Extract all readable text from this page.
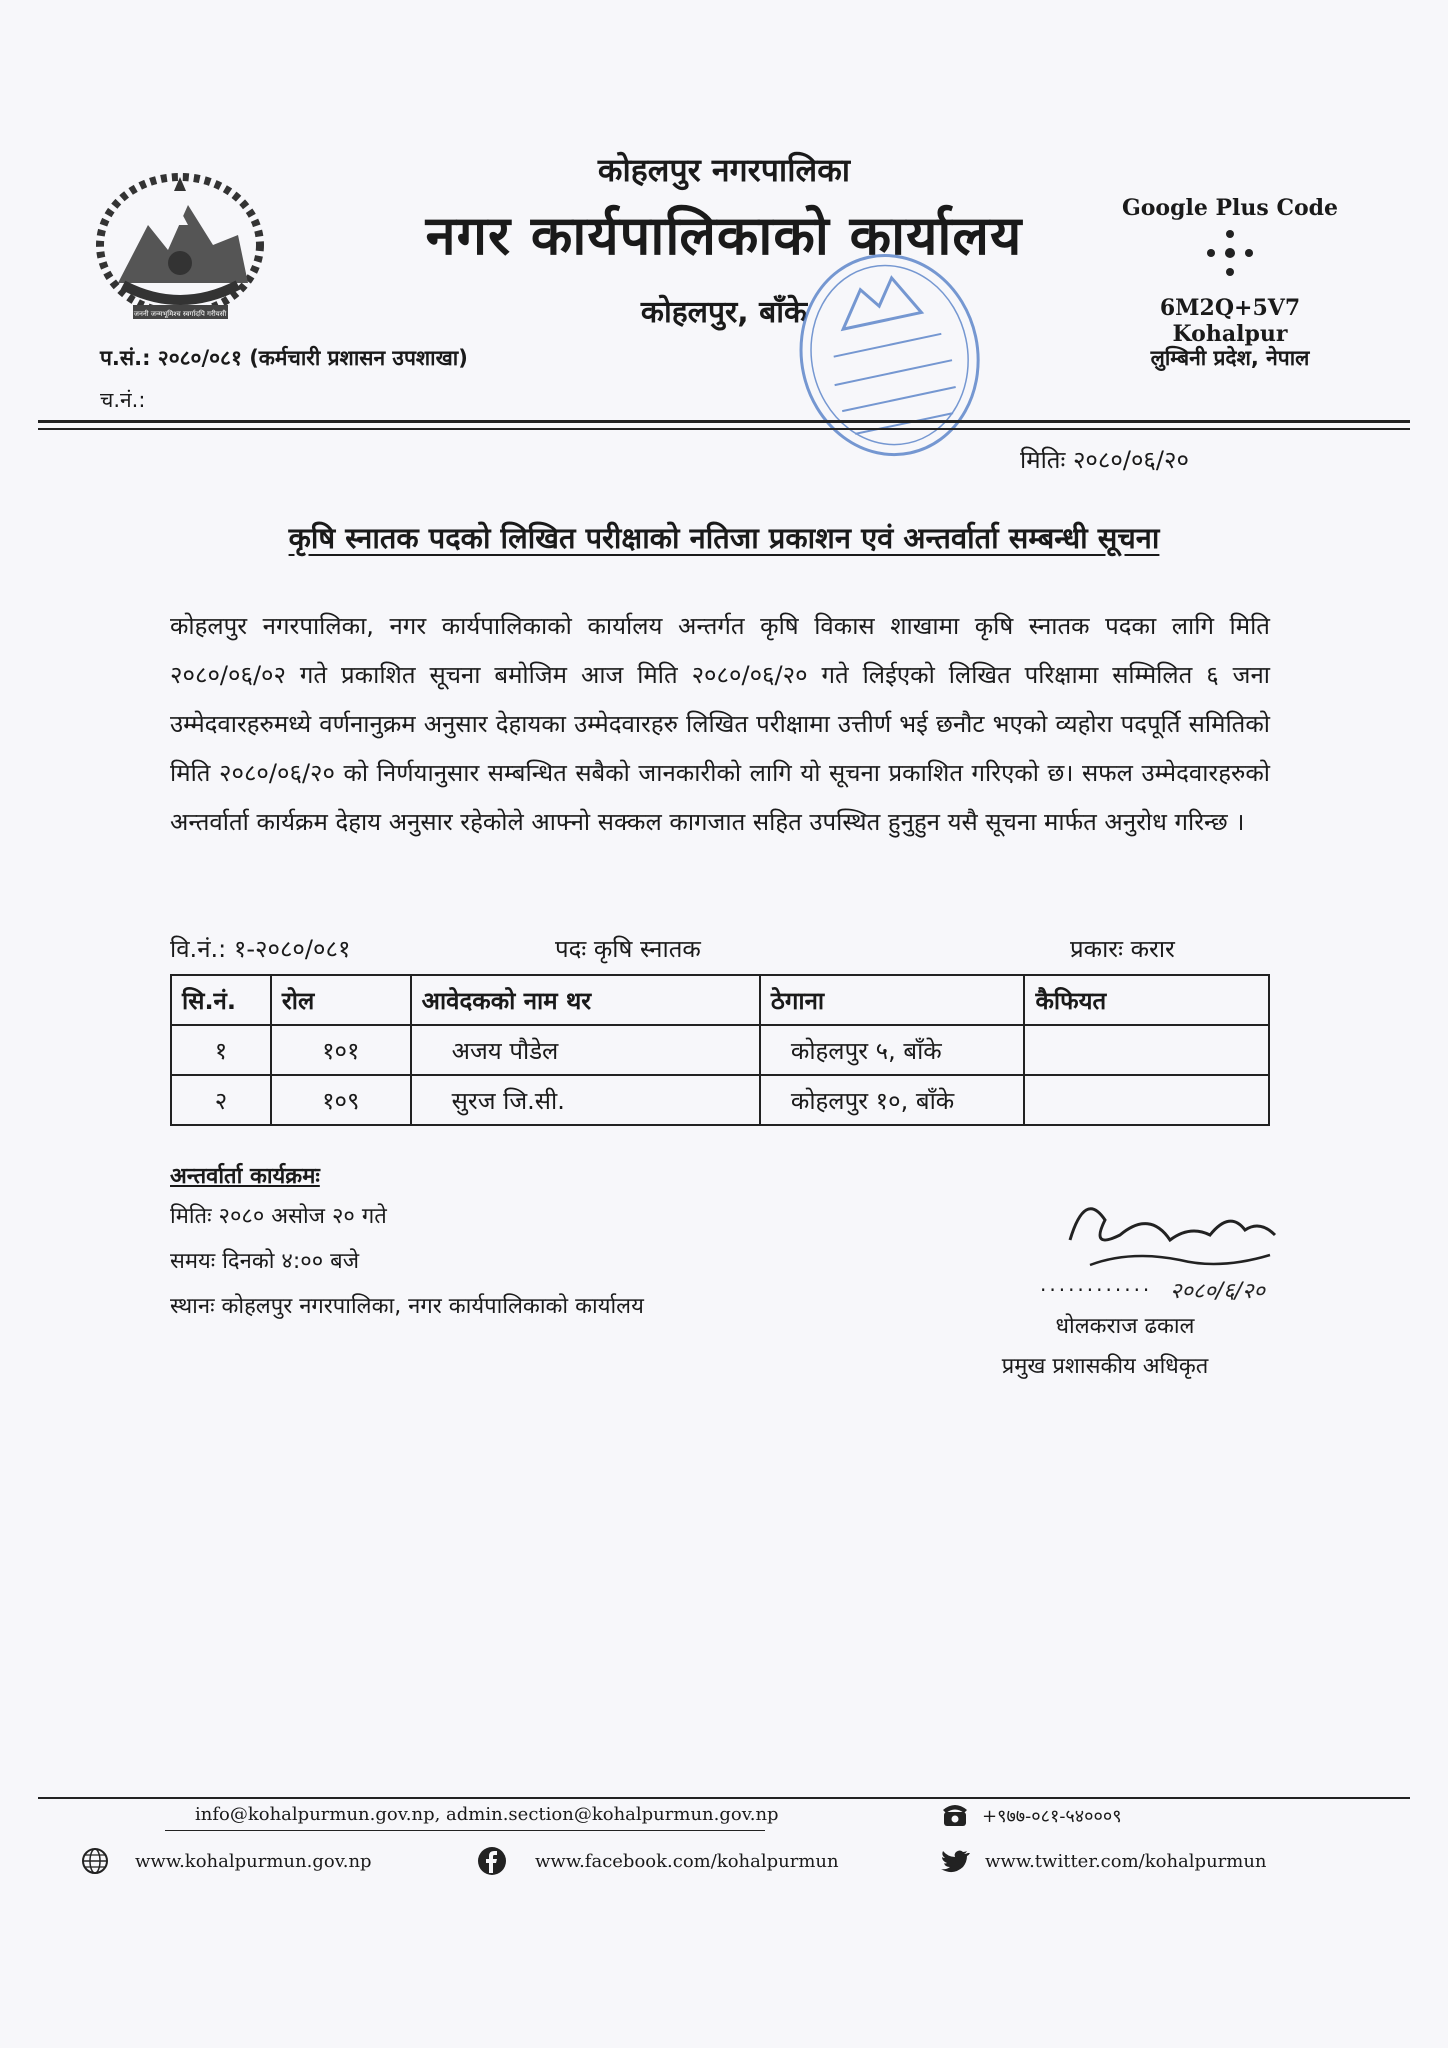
जननी जन्मभूमिश्च स्वर्गादपि गरीयसी
कोहलपुर नगरपालिका
नगर कार्यपालिकाको कार्यालय
कोहलपुर, बाँके
Google Plus Code
6M2Q+5V7 Kohalpur
लुम्बिनी प्रदेश, नेपाल
प.सं.: २०८०/०८१ (कर्मचारी प्रशासन उपशाखा)
च.नं.:
मितिः २०८०/०६/२०
कृषि स्नातक पदको लिखित परीक्षाको नतिजा प्रकाशन एवं अन्तर्वार्ता सम्बन्धी सूचना
कोहलपुर नगरपालिका, नगर कार्यपालिकाको कार्यालय अन्तर्गत कृषि विकास शाखामा कृषि स्नातक पदका लागि मिति २०८०/०६/०२ गते प्रकाशित सूचना बमोजिम आज मिति २०८०/०६/२० गते लिईएको लिखित परिक्षामा सम्मिलित ६ जना उम्मेदवारहरुमध्ये वर्णनानुक्रम अनुसार देहायका उम्मेदवारहरु लिखित परीक्षामा उत्तीर्ण भई छनौट भएको व्यहोरा पदपूर्ति समितिको मिति २०८०/०६/२० को निर्णयानुसार सम्बन्धित सबैको जानकारीको लागि यो सूचना प्रकाशित गरिएको छ। सफल उम्मेदवारहरुको अन्तर्वार्ता कार्यक्रम देहाय अनुसार रहेकोले आफ्नो सक्कल कागजात सहित उपस्थित हुनुहुन यसै सूचना मार्फत अनुरोध गरिन्छ ।
वि.नं.: १-२०८०/०८१	पदः कृषि स्नातक	प्रकारः करार
सि.नं.	रोल	आवेदकको नाम थर	ठेगाना	कैफियत
१	१०१	अजय पौडेल	कोहलपुर ५, बाँके	
२	१०९	सुरज जि.सी.	कोहलपुर १०, बाँके	
अन्तर्वार्ता कार्यक्रमः
मितिः २०८० असोज २० गते
समयः दिनको ४:०० बजे
स्थानः कोहलपुर नगरपालिका, नगर कार्यपालिकाको कार्यालय
२०८०/६/२०
............
धोलकराज ढकाल
प्रमुख प्रशासकीय अधिकृत
info@kohalpurmun.gov.np, admin.section@kohalpurmun.gov.np	+९७७-०८१-५४०००९
www.kohalpurmun.gov.np	www.facebook.com/kohalpurmun	www.twitter.com/kohalpurmun
